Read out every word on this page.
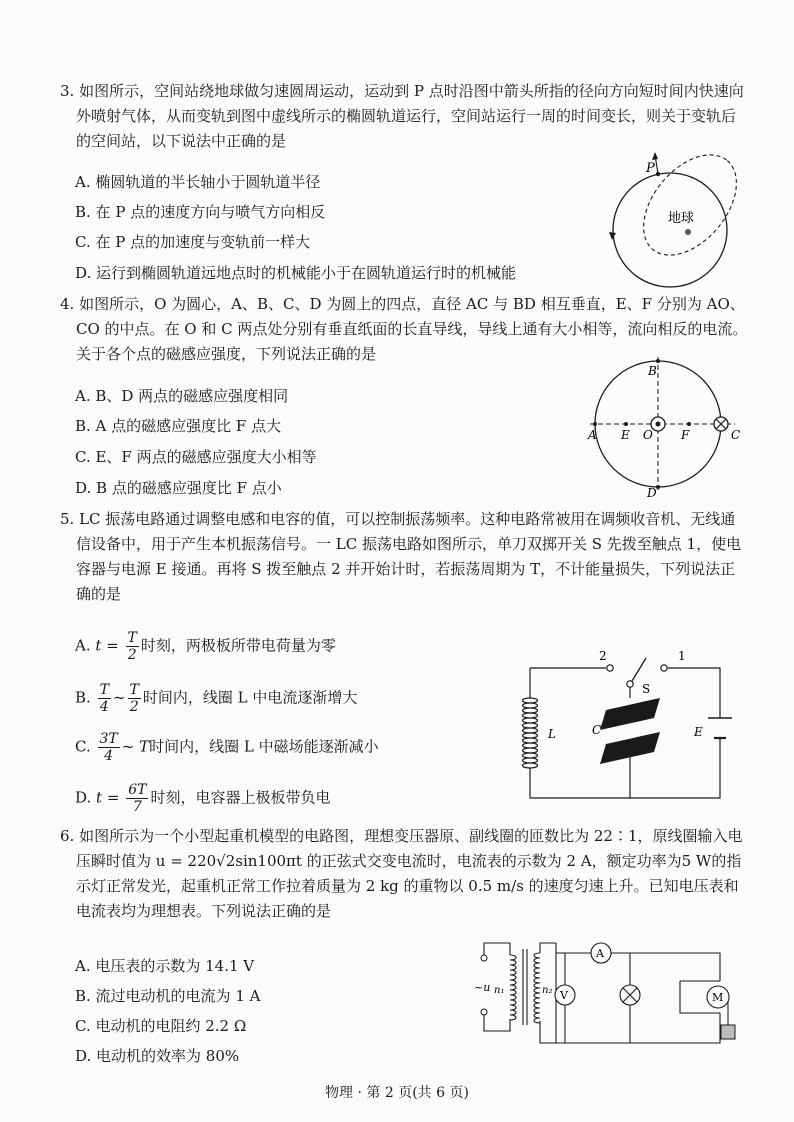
3. 如图所示，空间站绕地球做匀速圆周运动，运动到 P 点时沿图中箭头所指的径向方向短时间内快速向外喷射气体，从而变轨到图中虚线所示的椭圆轨道运行，空间站运行一周的时间变长，则关于变轨后的空间站，以下说法中正确的是

A. 椭圆轨道的半长轴小于圆轨道半径
B. 在 P 点的速度方向与喷气方向相反
C. 在 P 点的加速度与变轨前一样大
D. 运行到椭圆轨道远地点时的机械能小于在圆轨道运行时的机械能
地球
P

4. 如图所示，O 为圆心，A、B、C、D 为圆上的四点，直径 AC 与 BD 相互垂直，E、F 分别为 AO、CO 的中点。在 O 和 C 两点处分别有垂直纸面的长直导线，导线上通有大小相等，流向相反的电流。关于各个点的磁感应强度，下列说法正确的是

A. B、D 两点的磁感应强度相同
B. A 点的磁感应强度比 F 点大
C. E、F 两点的磁感应强度大小相等
D. B 点的磁感应强度比 F 点小
A E O F	C
B
D

5. LC 振荡电路通过调整电感和电容的值，可以控制振荡频率。这种电路常被用在调频收音机、无线通信设备中，用于产生本机振荡信号。一 LC 振荡电路如图所示，单刀双掷开关 S 先拨至触点 1，使电容器与电源 E 接通。再将 S 拨至触点 2 并开始计时，若振荡周期为 T，不计能量损失，下列说法正确的是

A. $t = \frac{T}{2}$ 时刻，两极板所带电荷量为零
B. $\frac{T}{4}$ ~ $\frac{T}{2}$ 时间内，线圈 L 中电流逐渐增大
C. $\frac{3T}{4}$ ~ T时间内，线圈 L 中磁场能逐渐减小
D. $t = \frac{6T}{7}$ 时刻，电容器上极板带负电
2	1
S
C	E
L

6. 如图所示为一个小型起重机模型的电路图，理想变压器原、副线圈的匝数比为 22∶1，原线圈输入电压瞬时值为 u = 220√2sin100πt 的正弦式交变电流时，电流表的示数为 2 A，额定功率为5 W的指示灯正常发光，起重机正常工作拉着质量为 2 kg 的重物以 0.5 m/s 的速度匀速上升。已知电压表和电流表均为理想表。下列说法正确的是

A. 电压表的示数为 14.1 V
B. 流过电动机的电流为 1 A
C. 电动机的电阻约 2.2 Ω
D. 电动机的效率为 80%
~u n₁	n₂ V
A
M
物理 · 第 2 页(共 6 页)
